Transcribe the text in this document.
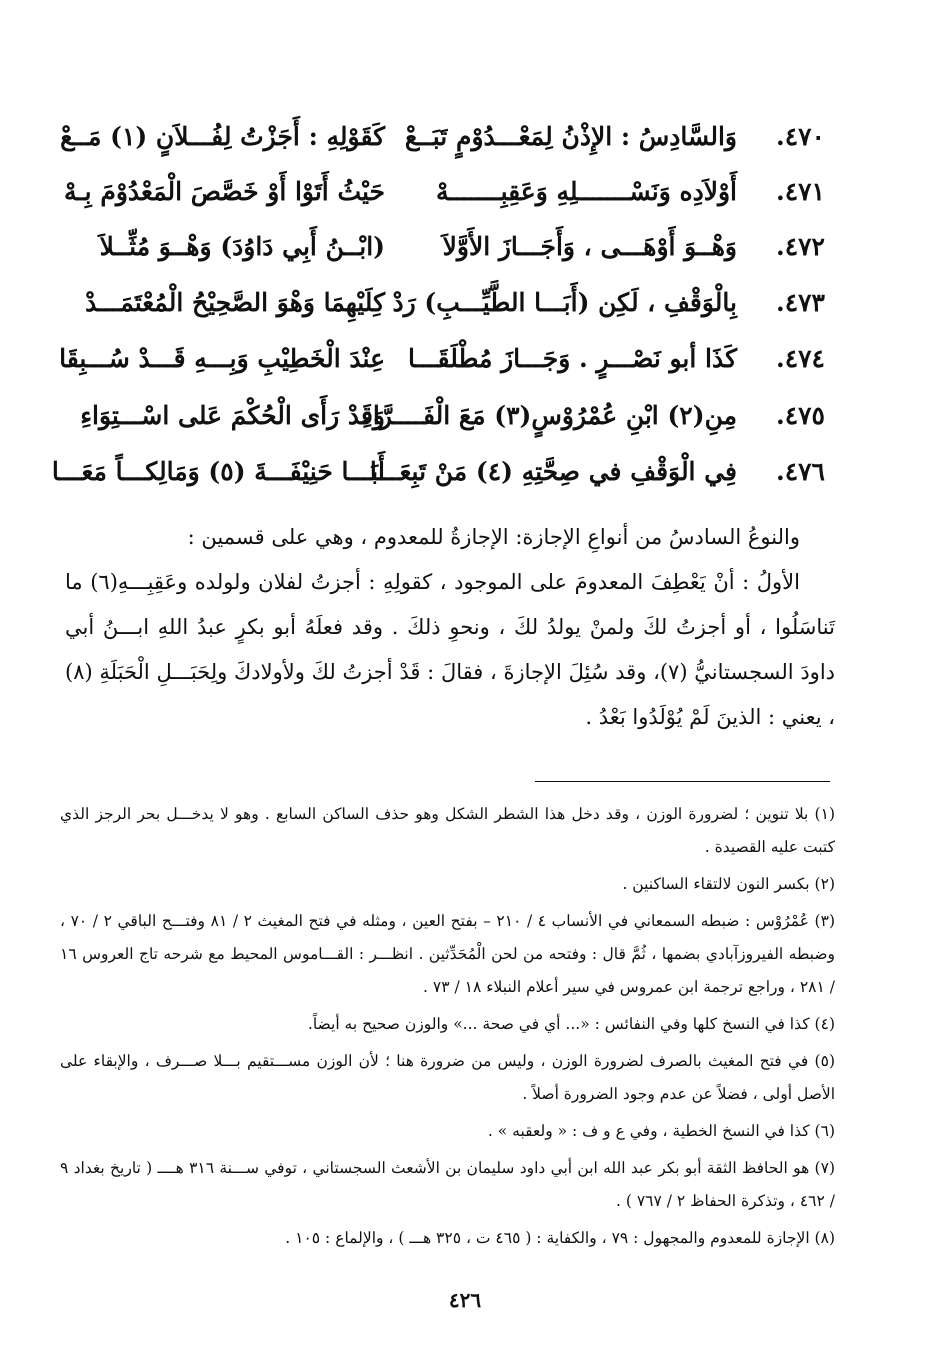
٤٧٠.
وَالسَّادِسُ : الإِذْنُ لِمَعْـــدُوْمٍ تَبَــعْ
كَقَوْلِهِ : أَجَزْتُ لِفُـــلاَنٍ (١) مَــعْ
٤٧١.
أَوْلاَدِه وَنَسْـــــــلِهِ وَعَقِبِـــــــهْ
حَيْثُ أَتَوْا أَوْ خَصَّصَ الْمَعْدُوْمَ بِـهْ
٤٧٢.
وَهْــوَ أَوْهَـــى ، وَأَجَـــازَ الأَوَّلاَ
(ابْــنُ أَبِي دَاوُدَ) وَهْــوَ مُثِّــلاَ
٤٧٣.
بِالْوَقْفِ ، لَكِن (أَبَـــا الطَّيِّـــبِ) رَدْ
كِلَيْهِمَا وَهْوَ الصَّحِيْحُ الْمُعْتَمَـــدْ
٤٧٤.
كَذَا أبو نَصْـــرٍ . وَجَـــازَ مُطْلَقَـــا
عِنْدَ الْخَطِيْبِ وَبِـــهِ قَـــدْ سُـــبِقَا
٤٧٥.
مِنِ(٢) ابْنِ عُمْرُوْسٍ(٣) مَعَ الْفَــــرَّاءِ
وَقَدْ رَأَى الْحُكْمَ عَلى اسْـــتِوَاءِ
٤٧٦.
فِي الْوَقْفِ في صِحَّتِهِ (٤) مَنْ تَبِعَـــا
أَبَـــا حَنِيْفَـــةَ (٥) وَمَالِكـــاً مَعَـــا

والنوعُ السادسُ من أنواعِ الإجازة: الإجازةُ للمعدوم ، وهي على قسمين :

الأولُ : أنْ يَعْطِفَ المعدومَ على الموجود ، كقولِهِ : أجزتُ لفلان ولولده وعَقِبِـــهِ(٦) ما تَناسَلُوا ، أو أجزتُ لكَ ولمنْ يولدُ لكَ ، ونحوِ ذلكَ . وقد فعلَهُ أبو بكرٍ عبدُ اللهِ ابـــنُ أبي داودَ السجستانيُّ (٧)، وقد سُئِلَ الإجازةَ ، فقالَ : قَدْ أجزتُ لكَ ولأولادكَ ولِحَبَـــلِ الْحَبَلَةِ (٨) ، يعني : الذينَ لَمْ يُوْلَدُوا بَعْدُ .

(١) بلا تنوين ؛ لضرورة الوزن ، وقد دخل هذا الشطر الشكل وهو حذف الساكن السابع . وهو لا يدخـــل بحر الرجز الذي كتبت عليه القصيدة .

(٢) بكسر النون لالتقاء الساكنين .

(٣) عُمْرُوْس : ضبطه السمعاني في الأنساب ٤ / ٢١٠ – بفتح العين ، ومثله في فتح المغيث ٢ / ٨١ وفتـــح الباقي ٢ / ٧٠ ، وضبطه الفيروزآبادي بضمها ، ثُمَّ قال : وفتحه من لحن الْمُحَدِّثين . انظـــر : القـــاموس المحيط مع شرحه تاج العروس ١٦ / ٢٨١ ، وراجع ترجمة ابن عمروس في سير أعلام النبلاء ١٨ / ٧٣ .

(٤) كذا في النسخ كلها وفي النفائس : «... أي في صحة ...» والوزن صحيح به أيضاً.

(٥) في فتح المغيث بالصرف لضرورة الوزن ، وليس من ضرورة هنا ؛ لأن الوزن مســـتقيم بـــلا صـــرف ، والإبقاء على الأصل أولى ، فضلاً عن عدم وجود الضرورة أصلاً .

(٦) كذا في النسخ الخطية ، وفي ع و ف : « ولعقبه » .

(٧) هو الحافظ الثقة أبو بكر عبد الله ابن أبي داود سليمان بن الأشعث السجستاني ، توفي ســـنة ٣١٦ هــــ ( تاريخ بغداد ٩ / ٤٦٢ ، وتذكرة الحفاظ ٢ / ٧٦٧ ) .

(٨) الإجازة للمعدوم والمجهول : ٧٩ ، والكفاية : ( ٤٦٥ ت ، ٣٢٥ هـــ ) ، والإلماع : ١٠٥ .

٤٢٦
